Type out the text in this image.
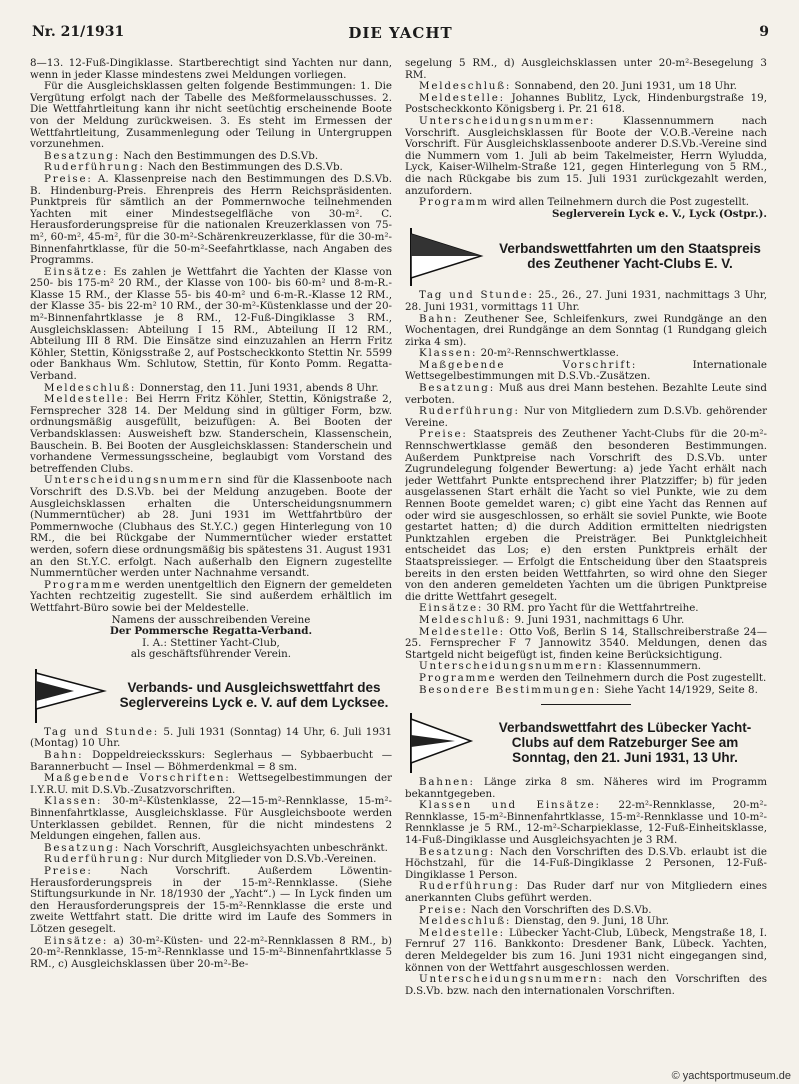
Nr. 21/1931	DIE YACHT	9

8—13. 12-Fuß-Dingiklasse. Startberechtigt sind Yachten nur dann, wenn in jeder Klasse mindestens zwei Meldungen vorliegen.

Für die Ausgleichsklassen gelten folgende Bestimmungen: 1. Die Vergütung erfolgt nach der Tabelle des Meßformelausschusses. 2. Die Wettfahrtleitung kann ihr nicht seetüchtig erscheinende Boote von der Meldung zurückweisen. 3. Es steht im Ermessen der Wettfahrtleitung, Zusammenlegung oder Teilung in Untergruppen vorzunehmen.

Besatzung: Nach den Bestimmungen des D.S.Vb.

Ruderführung: Nach den Bestimmungen des D.S.Vb.

Preise: A. Klassenpreise nach den Bestimmungen des D.S.Vb. B. Hindenburg-Preis. Ehrenpreis des Herrn Reichspräsidenten. Punktpreis für sämtlich an der Pommernwoche teilnehmenden Yachten mit einer Mindestsegelfläche von 30-m². C. Herausforderungspreise für die nationalen Kreuzerklassen von 75-m², 60-m², 45-m², für die 30-m²-Schärenkreuzerklasse, für die 30-m²-Binnenfahrtklasse, für die 50-m²-Seefahrtklasse, nach Angaben des Programms.

Einsätze: Es zahlen je Wettfahrt die Yachten der Klasse von 250- bis 175-m² 20 RM., der Klasse von 100- bis 60-m² und 8-m-R.-Klasse 15 RM., der Klasse 55- bis 40-m² und 6-m-R.-Klasse 12 RM., der Klasse 35- bis 22-m² 10 RM., der 30-m²-Küstenklasse und der 20-m²-Binnenfahrtklasse je 8 RM., 12-Fuß-Dingiklasse 3 RM., Ausgleichsklassen: Abteilung I 15 RM., Abteilung II 12 RM., Abteilung III 8 RM. Die Einsätze sind einzuzahlen an Herrn Fritz Köhler, Stettin, Königsstraße 2, auf Postscheckkonto Stettin Nr. 5599 oder Bankhaus Wm. Schlutow, Stettin, für Konto Pomm. Regatta-Verband.

Meldeschluß: Donnerstag, den 11. Juni 1931, abends 8 Uhr.

Meldestelle: Bei Herrn Fritz Köhler, Stettin, Königstraße 2, Fernsprecher 328 14. Der Meldung sind in gültiger Form, bzw. ordnungsmäßig ausgefüllt, beizufügen: A. Bei Booten der Verbandsklassen: Ausweisheft bzw. Standerschein, Klassenschein, Bauschein. B. Bei Booten der Ausgleichsklassen: Standerschein und vorhandene Vermessungsscheine, beglaubigt vom Vorstand des betreffenden Clubs.

Unterscheidungsnummern sind für die Klassenboote nach Vorschrift des D.S.Vb. bei der Meldung anzugeben. Boote der Ausgleichsklassen erhalten die Unterscheidungsnummern (Nummerntücher) ab 28. Juni 1931 im Wettfahrtbüro der Pommernwoche (Clubhaus des St.Y.C.) gegen Hinterlegung von 10 RM., die bei Rückgabe der Nummerntücher wieder erstattet werden, sofern diese ordnungsmäßig bis spätestens 31. August 1931 an den St.Y.C. erfolgt. Nach außerhalb den Eignern zugestellte Nummerntücher werden unter Nachnahme versandt.

Programme werden unentgeltlich den Eignern der gemeldeten Yachten rechtzeitig zugestellt. Sie sind außerdem erhältlich im Wettfahrt-Büro sowie bei der Meldestelle.

Namens der ausschreibenden Vereine

Der Pommersche Regatta-Verband.

I. A.: Stettiner Yacht-Club,

als geschäftsführender Verein.

Verbands- und Ausgleichswettfahrt des Seglervereins Lyck e. V. auf dem Lycksee.

Tag und Stunde: 5. Juli 1931 (Sonntag) 14 Uhr, 6. Juli 1931 (Montag) 10 Uhr.

Bahn: Doppeldreiecksskurs: Seglerhaus — Sybbaerbucht — Barannerbucht — Insel — Böhmerdenkmal = 8 sm.

Maßgebende Vorschriften: Wettsegelbestimmungen der I.Y.R.U. mit D.S.Vb.-Zusatzvorschriften.

Klassen: 30-m²-Küstenklasse, 22—15-m²-Rennklasse, 15-m²-Binnenfahrtklasse, Ausgleichsklasse. Für Ausgleichsboote werden Unterklassen gebildet. Rennen, für die nicht mindestens 2 Meldungen eingehen, fallen aus.

Besatzung: Nach Vorschrift, Ausgleichsyachten unbeschränkt.

Ruderführung: Nur durch Mitglieder von D.S.Vb.-Vereinen.

Preise: Nach Vorschrift. Außerdem Löwentin-Herausforderungspreis in der 15-m²-Rennklasse. (Siehe Stiftungsurkunde in Nr. 18/1930 der „Yacht“.) — In Lyck finden um den Herausforderungspreis der 15-m²-Rennklasse die erste und zweite Wettfahrt statt. Die dritte wird im Laufe des Sommers in Lötzen gesegelt.

Einsätze: a) 30-m²-Küsten- und 22-m²-Rennklassen 8 RM., b) 20-m²-Rennklasse, 15-m²-Rennklasse und 15-m²-Binnenfahrtklasse 5 RM., c) Ausgleichsklassen über 20-m²-Be-

segelung 5 RM., d) Ausgleichsklassen unter 20-m²-Besegelung 3 RM.

Meldeschluß: Sonnabend, den 20. Juni 1931, um 18 Uhr.

Meldestelle: Johannes Bublitz, Lyck, Hindenburgstraße 19, Postscheckkonto Königsberg i. Pr. 21 618.

Unterscheidungsnummer: Klassennummern nach Vorschrift. Ausgleichsklassen für Boote der V.O.B.-Vereine nach Vorschrift. Für Ausgleichsklassenboote anderer D.S.Vb.-Vereine sind die Nummern vom 1. Juli ab beim Takelmeister, Herrn Wyludda, Lyck, Kaiser-Wilhelm-Straße 121, gegen Hinterlegung von 5 RM., die nach Rückgabe bis zum 15. Juli 1931 zurückgezahlt werden, anzufordern.

Programm wird allen Teilnehmern durch die Post zugestellt.

Seglerverein Lyck e. V., Lyck (Ostpr.).

Verbandswettfahrten um den Staatspreis des Zeuthener Yacht-Clubs E. V.

Tag und Stunde: 25., 26., 27. Juni 1931, nachmittags 3 Uhr, 28. Juni 1931, vormittags 11 Uhr.

Bahn: Zeuthener See, Schleifenkurs, zwei Rundgänge an den Wochentagen, drei Rundgänge an dem Sonntag (1 Rundgang gleich zirka 4 sm).

Klassen: 20-m²-Rennschwertklasse.

Maßgebende Vorschrift: Internationale Wettsegelbestimmungen mit D.S.Vb.-Zusätzen.

Besatzung: Muß aus drei Mann bestehen. Bezahlte Leute sind verboten.

Ruderführung: Nur von Mitgliedern zum D.S.Vb. gehörender Vereine.

Preise: Staatspreis des Zeuthener Yacht-Clubs für die 20-m²-Rennschwertklasse gemäß den besonderen Bestimmungen. Außerdem Punktpreise nach Vorschrift des D.S.Vb. unter Zugrundelegung folgender Bewertung: a) jede Yacht erhält nach jeder Wettfahrt Punkte entsprechend ihrer Platzziffer; b) für jeden ausgelassenen Start erhält die Yacht so viel Punkte, wie zu dem Rennen Boote gemeldet waren; c) gibt eine Yacht das Rennen auf oder wird sie ausgeschlossen, so erhält sie soviel Punkte, wie Boote gestartet hatten; d) die durch Addition ermittelten niedrigsten Punktzahlen ergeben die Preisträger. Bei Punktgleichheit entscheidet das Los; e) den ersten Punktpreis erhält der Staatspreissieger. — Erfolgt die Entscheidung über den Staatspreis bereits in den ersten beiden Wettfahrten, so wird ohne den Sieger von den anderen gemeldeten Yachten um die übrigen Punktpreise die dritte Wettfahrt gesegelt.

Einsätze: 30 RM. pro Yacht für die Wettfahrtreihe.

Meldeschluß: 9. Juni 1931, nachmittags 6 Uhr.

Meldestelle: Otto Voß, Berlin S 14, Stallschreiberstraße 24—25. Fernsprecher F 7 Jannowitz 3540. Meldungen, denen das Startgeld nicht beigefügt ist, finden keine Berücksichtigung.

Unterscheidungsnummern: Klassennummern.

Programme werden den Teilnehmern durch die Post zugestellt.

Besondere Bestimmungen: Siehe Yacht 14/1929, Seite 8.

Verbandswettfahrt des Lübecker Yacht-Clubs auf dem Ratzeburger See am Sonntag, den 21. Juni 1931, 13 Uhr.

Bahnen: Länge zirka 8 sm. Näheres wird im Programm bekanntgegeben.

Klassen und Einsätze: 22-m²-Rennklasse, 20-m²-Rennklasse, 15-m²-Binnenfahrtklasse, 15-m²-Rennklasse und 10-m²-Rennklasse je 5 RM., 12-m²-Scharpieklasse, 12-Fuß-Einheitsklasse, 14-Fuß-Dingiklasse und Ausgleichsyachten je 3 RM.

Besatzung: Nach den Vorschriften des D.S.Vb. erlaubt ist die Höchstzahl, für die 14-Fuß-Dingiklasse 2 Personen, 12-Fuß-Dingiklasse 1 Person.

Ruderführung: Das Ruder darf nur von Mitgliedern eines anerkannten Clubs geführt werden.

Preise: Nach den Vorschriften des D.S.Vb.

Meldeschluß: Dienstag, den 9. Juni, 18 Uhr.

Meldestelle: Lübecker Yacht-Club, Lübeck, Mengstraße 18, I. Fernruf 27 116. Bankkonto: Dresdener Bank, Lübeck. Yachten, deren Meldegelder bis zum 16. Juni 1931 nicht eingegangen sind, können von der Wettfahrt ausgeschlossen werden.

Unterscheidungsnummern: nach den Vorschriften des D.S.Vb. bzw. nach den internationalen Vorschriften.

© yachtsportmuseum.de
